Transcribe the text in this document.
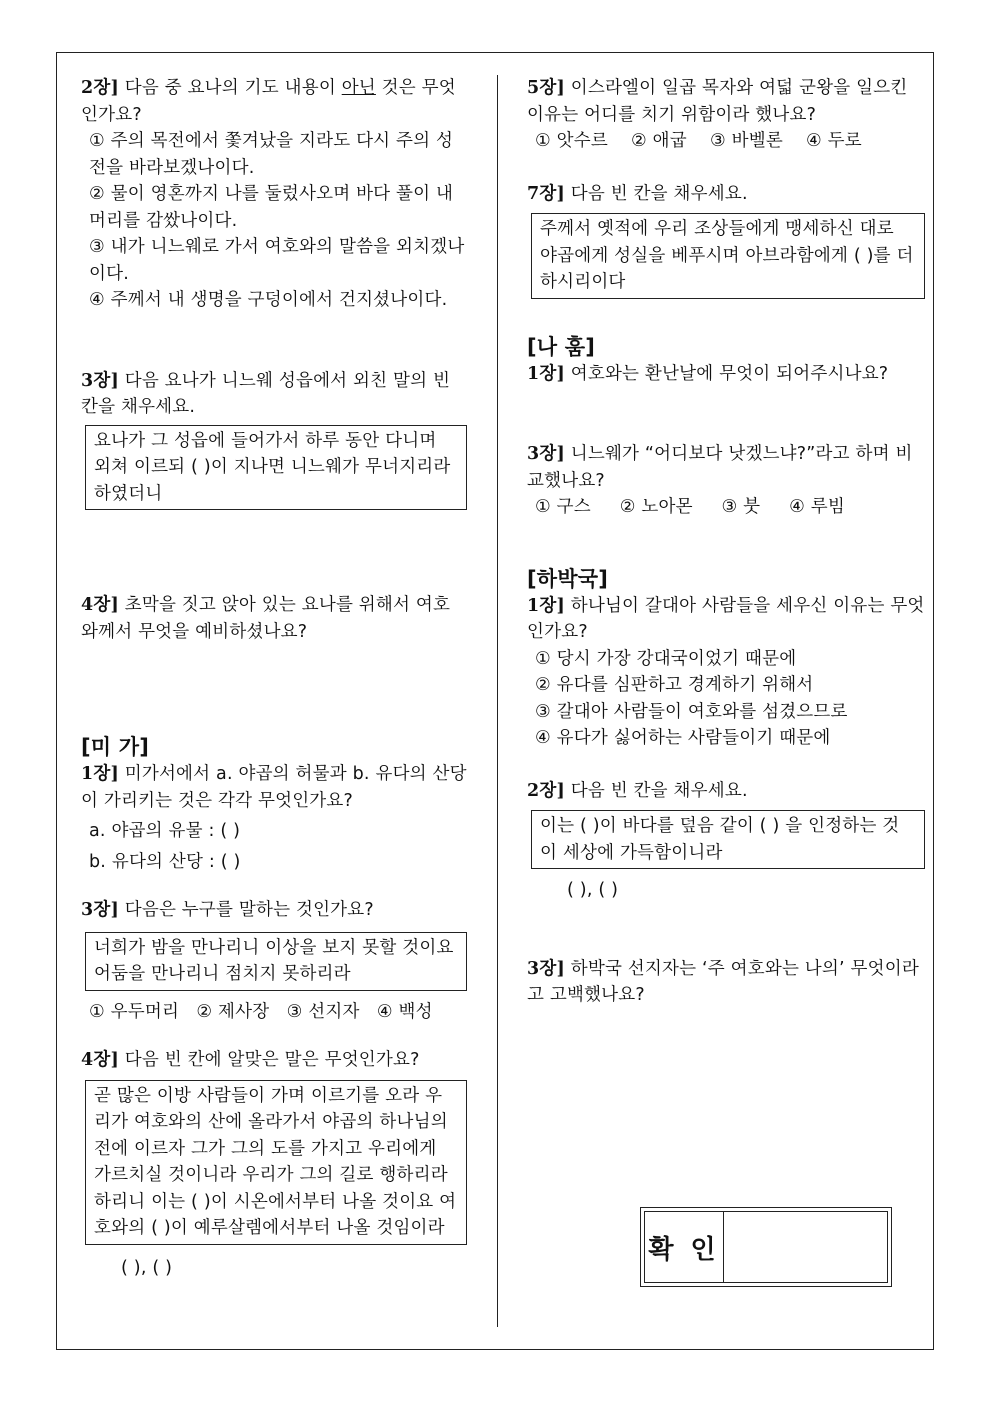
2장] 다음 중 요나의 기도 내용이 아닌 것은 무엇인가요?

① 주의 목전에서 쫓겨났을 지라도 다시 주의 성전을 바라보겠나이다.

② 물이 영혼까지 나를 둘렀사오며 바다 풀이 내 머리를 감쌌나이다.

③ 내가 니느웨로 가서 여호와의 말씀을 외치겠나이다.

④ 주께서 내 생명을 구덩이에서 건지셨나이다.

3장] 다음 요나가 니느웨 성읍에서 외친 말의 빈 칸을 채우세요.

요나가 그 성읍에 들어가서 하루 동안 다니며 외쳐 이르되 ( )이 지나면 니느웨가 무너지리라 하였더니

4장] 초막을 짓고 앉아 있는 요나를 위해서 여호와께서 무엇을 예비하셨나요?

[미 가]

1장] 미가서에서 a. 야곱의 허물과 b. 유다의 산당이 가리키는 것은 각각 무엇인가요?

a. 야곱의 유물 : ( )

b. 유다의 산당 : ( )

3장] 다음은 누구를 말하는 것인가요?

너희가 밤을 만나리니 이상을 보지 못할 것이요 어둠을 만나리니 점치지 못하리라

① 우두머리 ② 제사장 ③ 선지자 ④ 백성

4장] 다음 빈 칸에 알맞은 말은 무엇인가요?

곧 많은 이방 사람들이 가며 이르기를 오라 우리가 여호와의 산에 올라가서 야곱의 하나님의 전에 이르자 그가 그의 도를 가지고 우리에게 가르치실 것이니라 우리가 그의 길로 행하리라 하리니 이는 ( )이 시온에서부터 나올 것이요 여호와의 ( )이 예루살렘에서부터 나올 것임이라

( ), ( )

5장] 이스라엘이 일곱 목자와 여덟 군왕을 일으킨 이유는 어디를 치기 위함이라 했나요?

① 앗수르 ② 애굽 ③ 바벨론 ④ 두로

7장] 다음 빈 칸을 채우세요.

주께서 옛적에 우리 조상들에게 맹세하신 대로 야곱에게 성실을 베푸시며 아브라함에게 ( )를 더하시리이다

[나 훔]

1장] 여호와는 환난날에 무엇이 되어주시나요?

3장] 니느웨가 “어디보다 낫겠느냐?”라고 하며 비교했나요?

① 구스 ② 노아몬 ③ 붓 ④ 루빔

[하박국]

1장] 하나님이 갈대아 사람들을 세우신 이유는 무엇인가요?

① 당시 가장 강대국이었기 때문에

② 유다를 심판하고 경계하기 위해서

③ 갈대아 사람들이 여호와를 섬겼으므로

④ 유다가 싫어하는 사람들이기 때문에

2장] 다음 빈 칸을 채우세요.

이는 ( )이 바다를 덮음 같이 ( ) 을 인정하는 것이 세상에 가득함이니라

( ), ( )

3장] 하박국 선지자는 ‘주 여호와는 나의’ 무엇이라고 고백했나요?

확 인
